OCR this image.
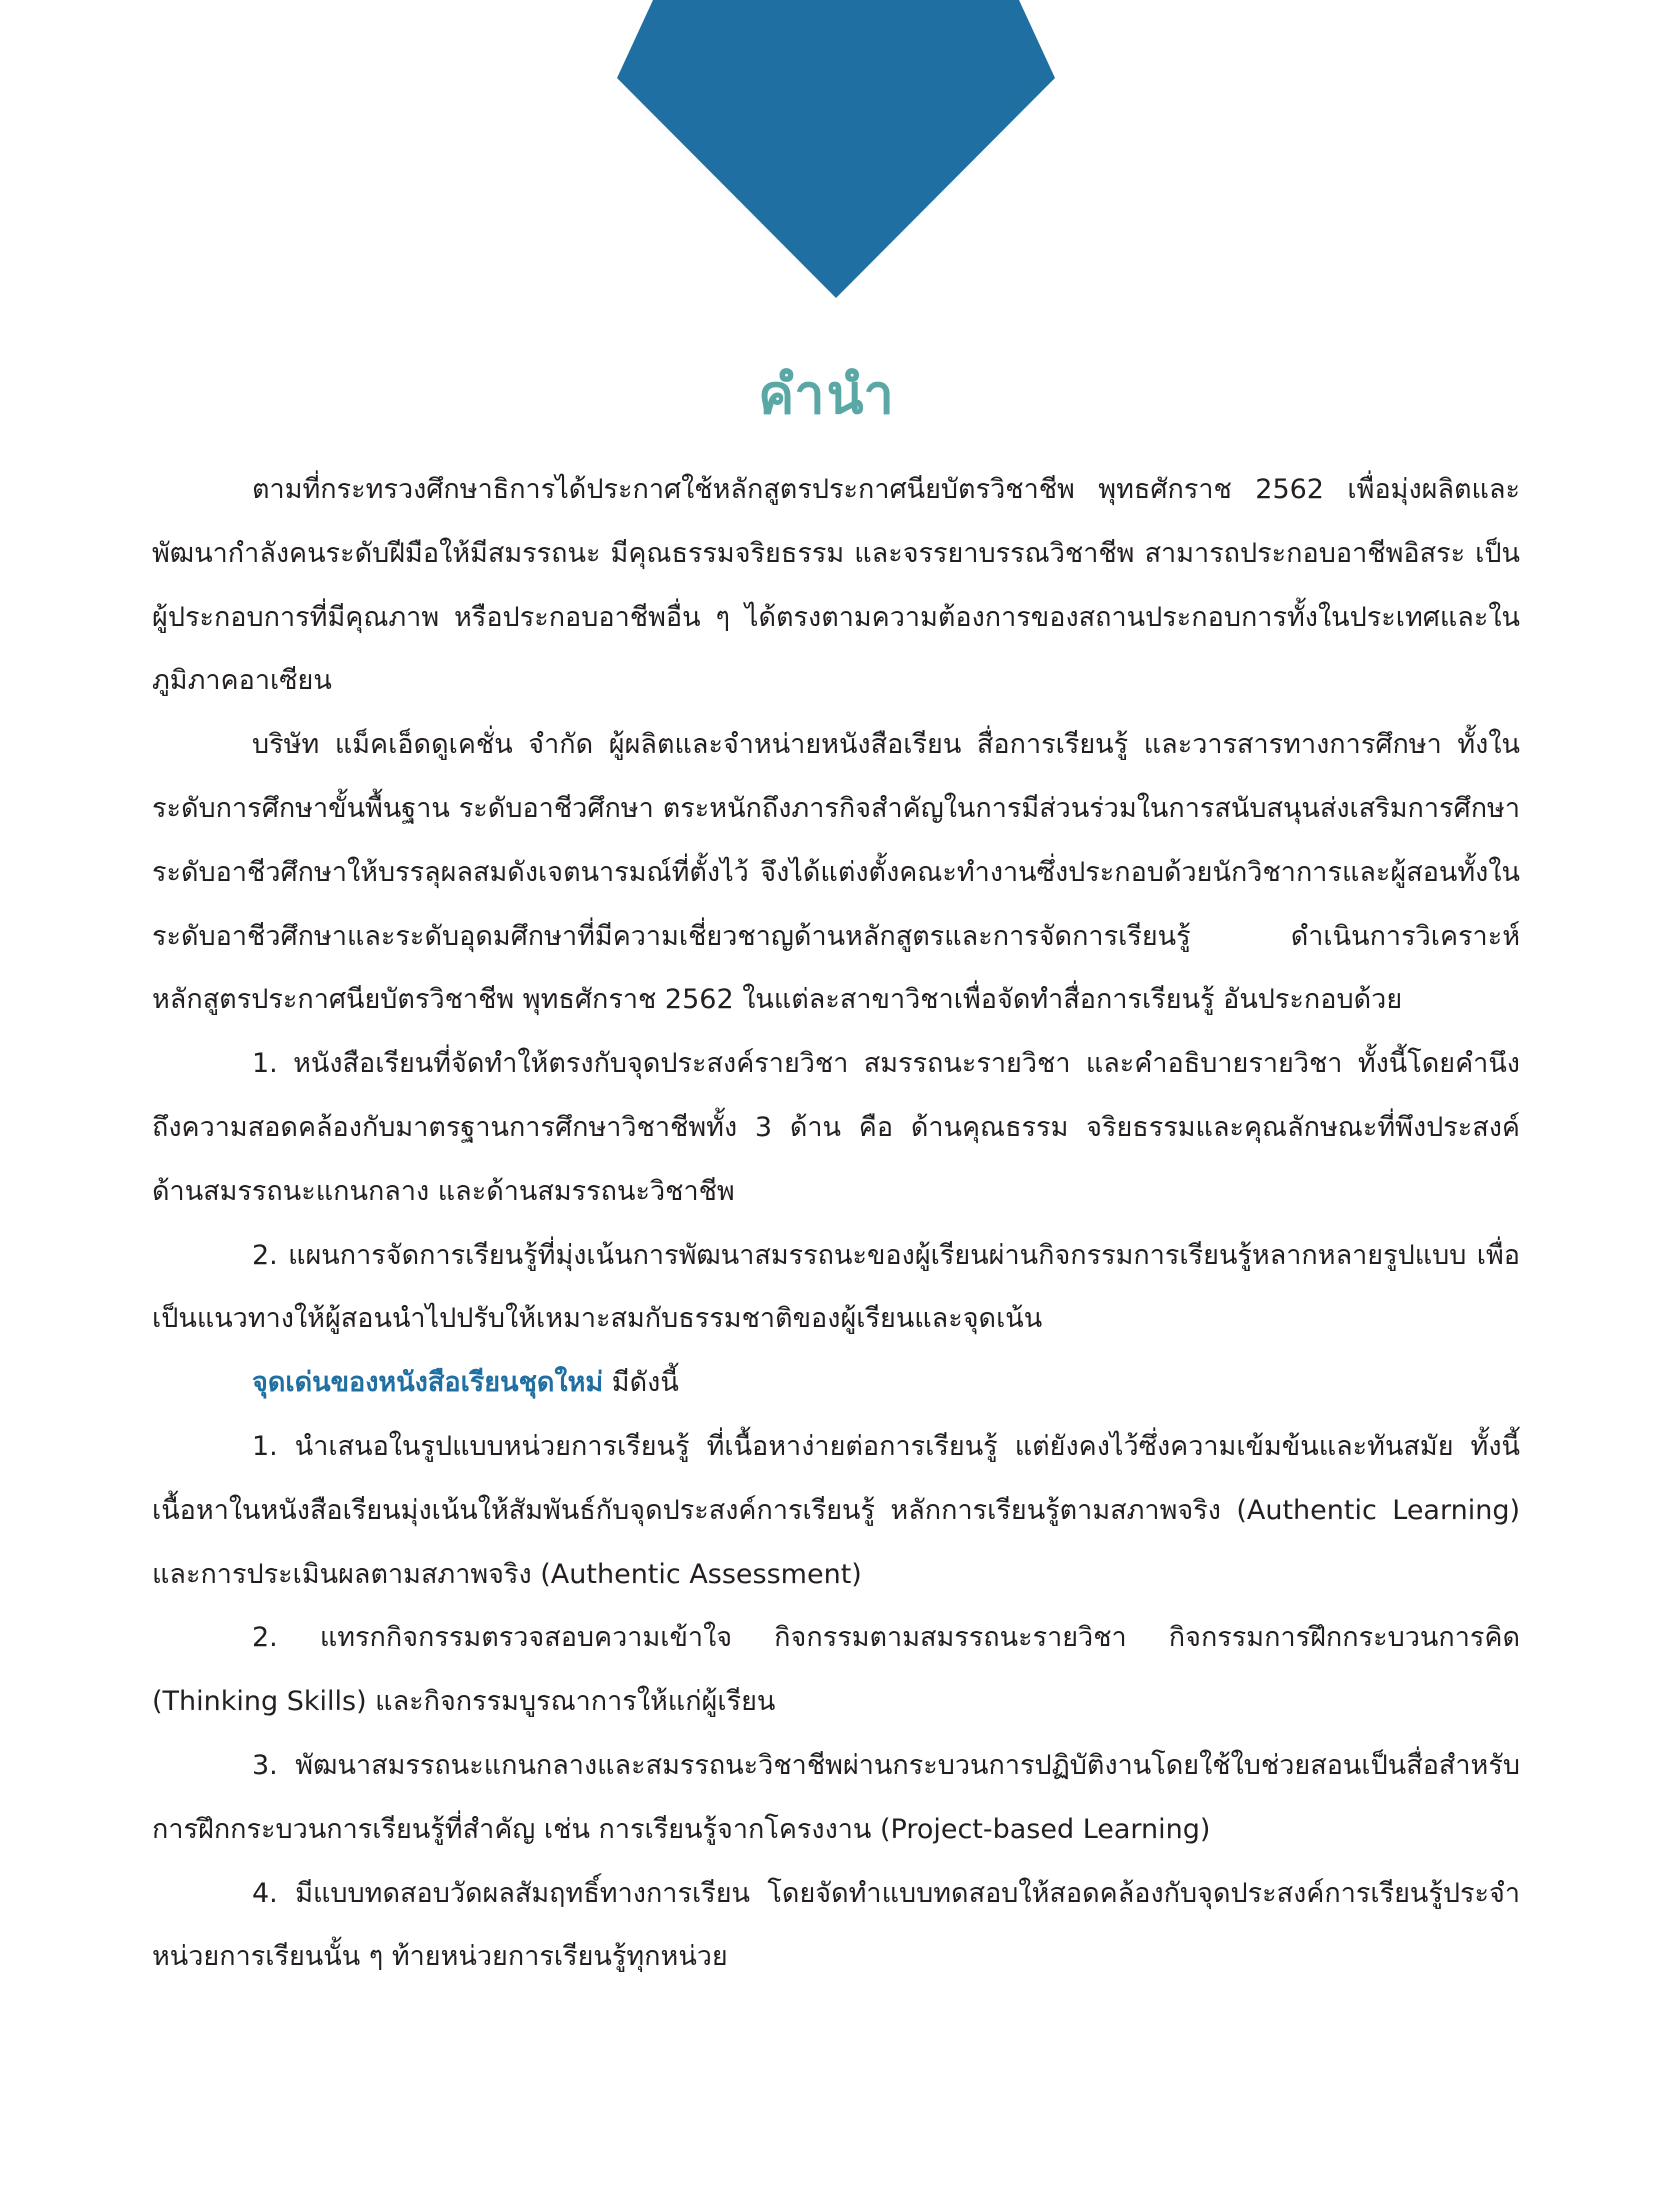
คำนำ

ตามที่กระทรวงศึกษาธิการได้ประกาศใช้หลักสูตรประกาศนียบัตรวิชาชีพ พุทธศักราช 2562 เพื่อมุ่งผลิตและพัฒนากำลังคนระดับฝีมือให้มีสมรรถนะ มีคุณธรรมจริยธรรม และจรรยาบรรณวิชาชีพ สามารถประกอบอาชีพอิสระ เป็นผู้ประกอบการที่มีคุณภาพ หรือประกอบอาชีพอื่น ๆ ได้ตรงตามความต้องการของสถานประกอบการทั้งในประเทศและในภูมิภาคอาเซียน

บริษัท แม็คเอ็ดดูเคชั่น จำกัด ผู้ผลิตและจำหน่ายหนังสือเรียน สื่อการเรียนรู้ และวารสารทางการศึกษา ทั้งในระดับการศึกษาขั้นพื้นฐาน ระดับอาชีวศึกษา ตระหนักถึงภารกิจสำคัญในการมีส่วนร่วมในการสนับสนุนส่งเสริมการศึกษาระดับอาชีวศึกษาให้บรรลุผลสมดังเจตนารมณ์ที่ตั้งไว้ จึงได้แต่งตั้งคณะทำงานซึ่งประกอบด้วยนักวิชาการและผู้สอนทั้งในระดับอาชีวศึกษาและระดับอุดมศึกษาที่มีความเชี่ยวชาญด้านหลักสูตรและการจัดการเรียนรู้ ดำเนินการวิเคราะห์หลักสูตรประกาศนียบัตรวิชาชีพ พุทธศักราช 2562 ในแต่ละสาขาวิชาเพื่อจัดทำสื่อการเรียนรู้ อันประกอบด้วย

1. หนังสือเรียนที่จัดทำให้ตรงกับจุดประสงค์รายวิชา สมรรถนะรายวิชา และคำอธิบายรายวิชา ทั้งนี้โดยคำนึงถึงความสอดคล้องกับมาตรฐานการศึกษาวิชาชีพทั้ง 3 ด้าน คือ ด้านคุณธรรม จริยธรรมและคุณลักษณะที่พึงประสงค์ ด้านสมรรถนะแกนกลาง และด้านสมรรถนะวิชาชีพ

2. แผนการจัดการเรียนรู้ที่มุ่งเน้นการพัฒนาสมรรถนะของผู้เรียนผ่านกิจกรรมการเรียนรู้หลากหลายรูปแบบ เพื่อเป็นแนวทางให้ผู้สอนนำไปปรับให้เหมาะสมกับธรรมชาติของผู้เรียนและจุดเน้น

จุดเด่นของหนังสือเรียนชุดใหม่ มีดังนี้

1. นำเสนอในรูปแบบหน่วยการเรียนรู้ ที่เนื้อหาง่ายต่อการเรียนรู้ แต่ยังคงไว้ซึ่งความเข้มข้นและทันสมัย ทั้งนี้เนื้อหาในหนังสือเรียนมุ่งเน้นให้สัมพันธ์กับจุดประสงค์การเรียนรู้ หลักการเรียนรู้ตามสภาพจริง (Authentic Learning) และการประเมินผลตามสภาพจริง (Authentic Assessment)

2. แทรกกิจกรรมตรวจสอบความเข้าใจ กิจกรรมตามสมรรถนะรายวิชา กิจกรรมการฝึกกระบวนการคิด (Thinking Skills) และกิจกรรมบูรณาการให้แก่ผู้เรียน

3. พัฒนาสมรรถนะแกนกลางและสมรรถนะวิชาชีพผ่านกระบวนการปฏิบัติงานโดยใช้ใบช่วยสอนเป็นสื่อสำหรับการฝึกกระบวนการเรียนรู้ที่สำคัญ เช่น การเรียนรู้จากโครงงาน (Project-based Learning)

4. มีแบบทดสอบวัดผลสัมฤทธิ์ทางการเรียน โดยจัดทำแบบทดสอบให้สอดคล้องกับจุดประสงค์การเรียนรู้ประจำหน่วยการเรียนนั้น ๆ ท้ายหน่วยการเรียนรู้ทุกหน่วย
